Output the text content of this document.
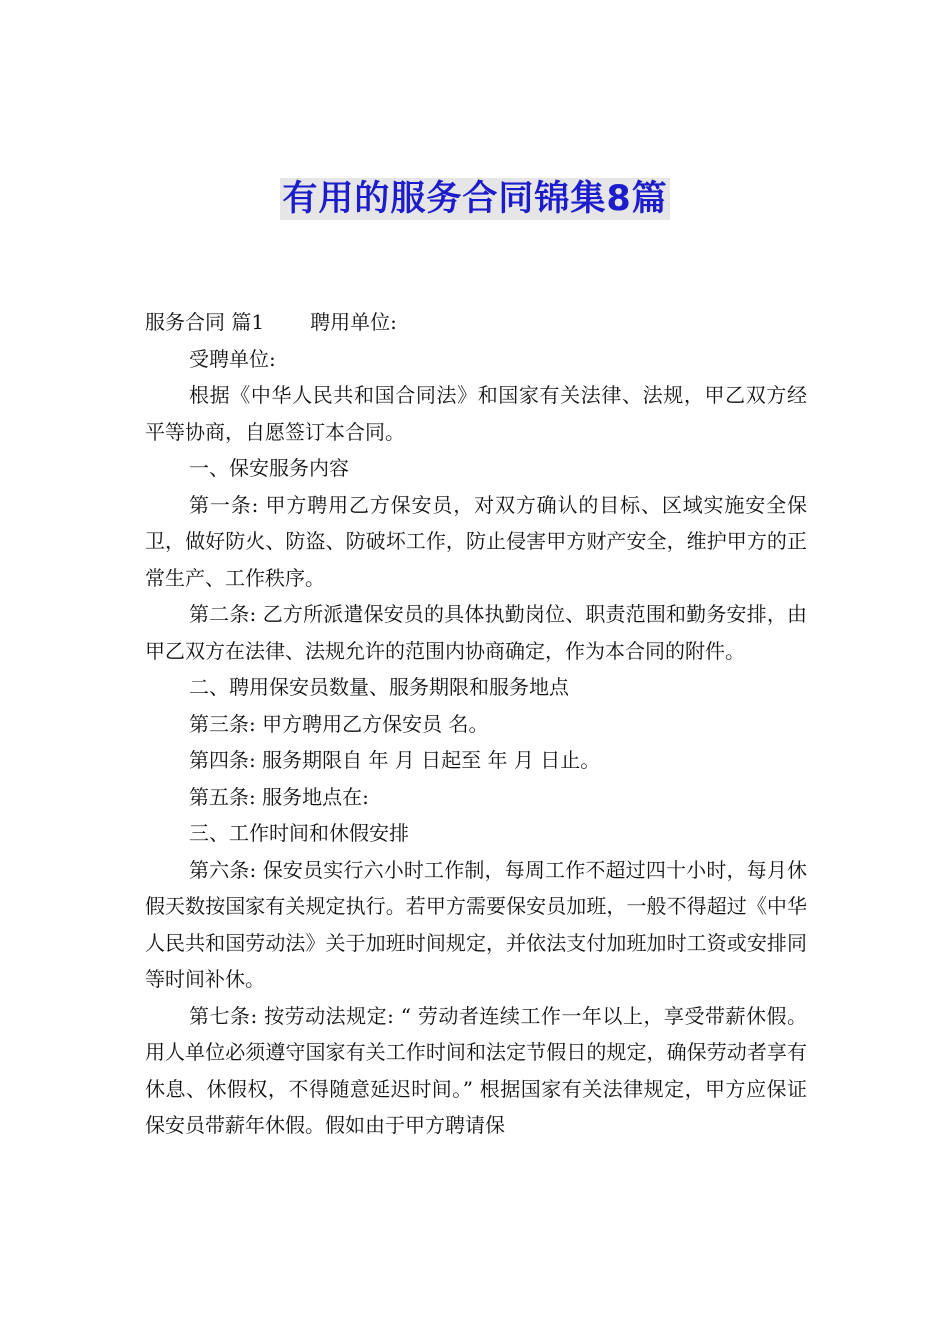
有用的服务合同锦集8篇

服务合同 篇1 聘用单位:

受聘单位:

根据《中华人民共和国合同法》和国家有关法律、法规，甲乙双方经平等协商，自愿签订本合同。

一、保安服务内容

第一条: 甲方聘用乙方保安员，对双方确认的目标、区域实施安全保卫，做好防火、防盗、防破坏工作，防止侵害甲方财产安全，维护甲方的正常生产、工作秩序。

第二条: 乙方所派遣保安员的具体执勤岗位、职责范围和勤务安排，由甲乙双方在法律、法规允许的范围内协商确定，作为本合同的附件。

二、聘用保安员数量、服务期限和服务地点

第三条: 甲方聘用乙方保安员 名。

第四条: 服务期限自 年 月 日起至 年 月 日止。

第五条: 服务地点在:

三、工作时间和休假安排

第六条: 保安员实行六小时工作制，每周工作不超过四十小时，每月休假天数按国家有关规定执行。若甲方需要保安员加班，一般不得超过《中华人民共和国劳动法》关于加班时间规定，并依法支付加班加时工资或安排同等时间补休。

第七条: 按劳动法规定: “ 劳动者连续工作一年以上，享受带薪休假。用人单位必须遵守国家有关工作时间和法定节假日的规定，确保劳动者享有休息、休假权，不得随意延迟时间。” 根据国家有关法律规定，甲方应保证保安员带薪年休假。假如由于甲方聘请保
